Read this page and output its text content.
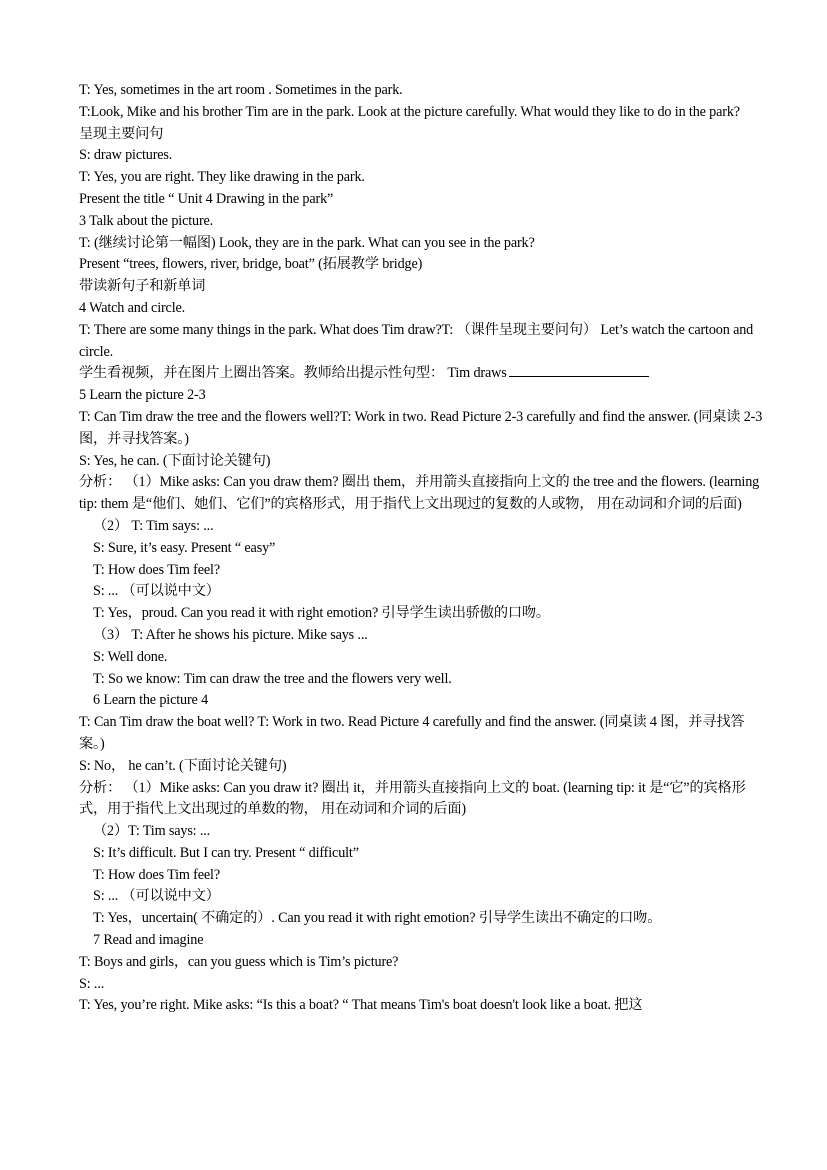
T: Yes, sometimes in the art room . Sometimes in the park.

T:Look, Mike and his brother Tim are in the park. Look at the picture carefully. What would they like to do in the park?

呈现主要问句

S: draw pictures.

T: Yes, you are right. They like drawing in the park.

Present the title “ Unit 4 Drawing in the park”

3 Talk about the picture.

T: (继续讨论第一幅图) Look, they are in the park. What can you see in the park?

Present “trees, flowers, river, bridge, boat” (拓展教学 bridge)

带读新句子和新单词

4 Watch and circle.

T: There are some many things in the park. What does Tim draw?T: （课件呈现主要问句） Let’s watch the cartoon and circle.

学生看视频，并在图片上圈出答案。教师给出提示性句型： Tim draws

5 Learn the picture 2-3

T: Can Tim draw the tree and the flowers well?T: Work in two. Read Picture 2-3 carefully and find the answer. (同桌读 2-3 图，并寻找答案。)

S: Yes, he can. (下面讨论关键句)

分析： （1）Mike asks: Can you draw them? 圈出 them，并用箭头直接指向上文的 the tree and the flowers. (learning tip: them 是“他们、她们、它们”的宾格形式，用于指代上文出现过的复数的人或物， 用在动词和介词的后面)

（2） T: Tim says: ...

S: Sure, it’s easy. Present “ easy”

T: How does Tim feel?

S: ... （可以说中文）

T: Yes，proud. Can you read it with right emotion? 引导学生读出骄傲的口吻。

（3） T: After he shows his picture. Mike says ...

S: Well done.

T: So we know: Tim can draw the tree and the flowers very well.

6 Learn the picture 4

T: Can Tim draw the boat well? T: Work in two. Read Picture 4 carefully and find the answer. (同桌读 4 图，并寻找答案。)

S: No， he can’t. (下面讨论关键句)

分析： （1）Mike asks: Can you draw it? 圈出 it，并用箭头直接指向上文的 boat. (learning tip: it 是“它”的宾格形式，用于指代上文出现过的单数的物， 用在动词和介词的后面)

（2）T: Tim says: ...

S: It’s difficult. But I can try. Present “ difficult”

T: How does Tim feel?

S: ... （可以说中文）

T: Yes，uncertain( 不确定的）. Can you read it with right emotion? 引导学生读出不确定的口吻。

7 Read and imagine

T: Boys and girls，can you guess which is Tim’s picture?

S: ...

T: Yes, you’re right. Mike asks: “Is this a boat? “ That means Tim's boat doesn't look like a boat. 把这
